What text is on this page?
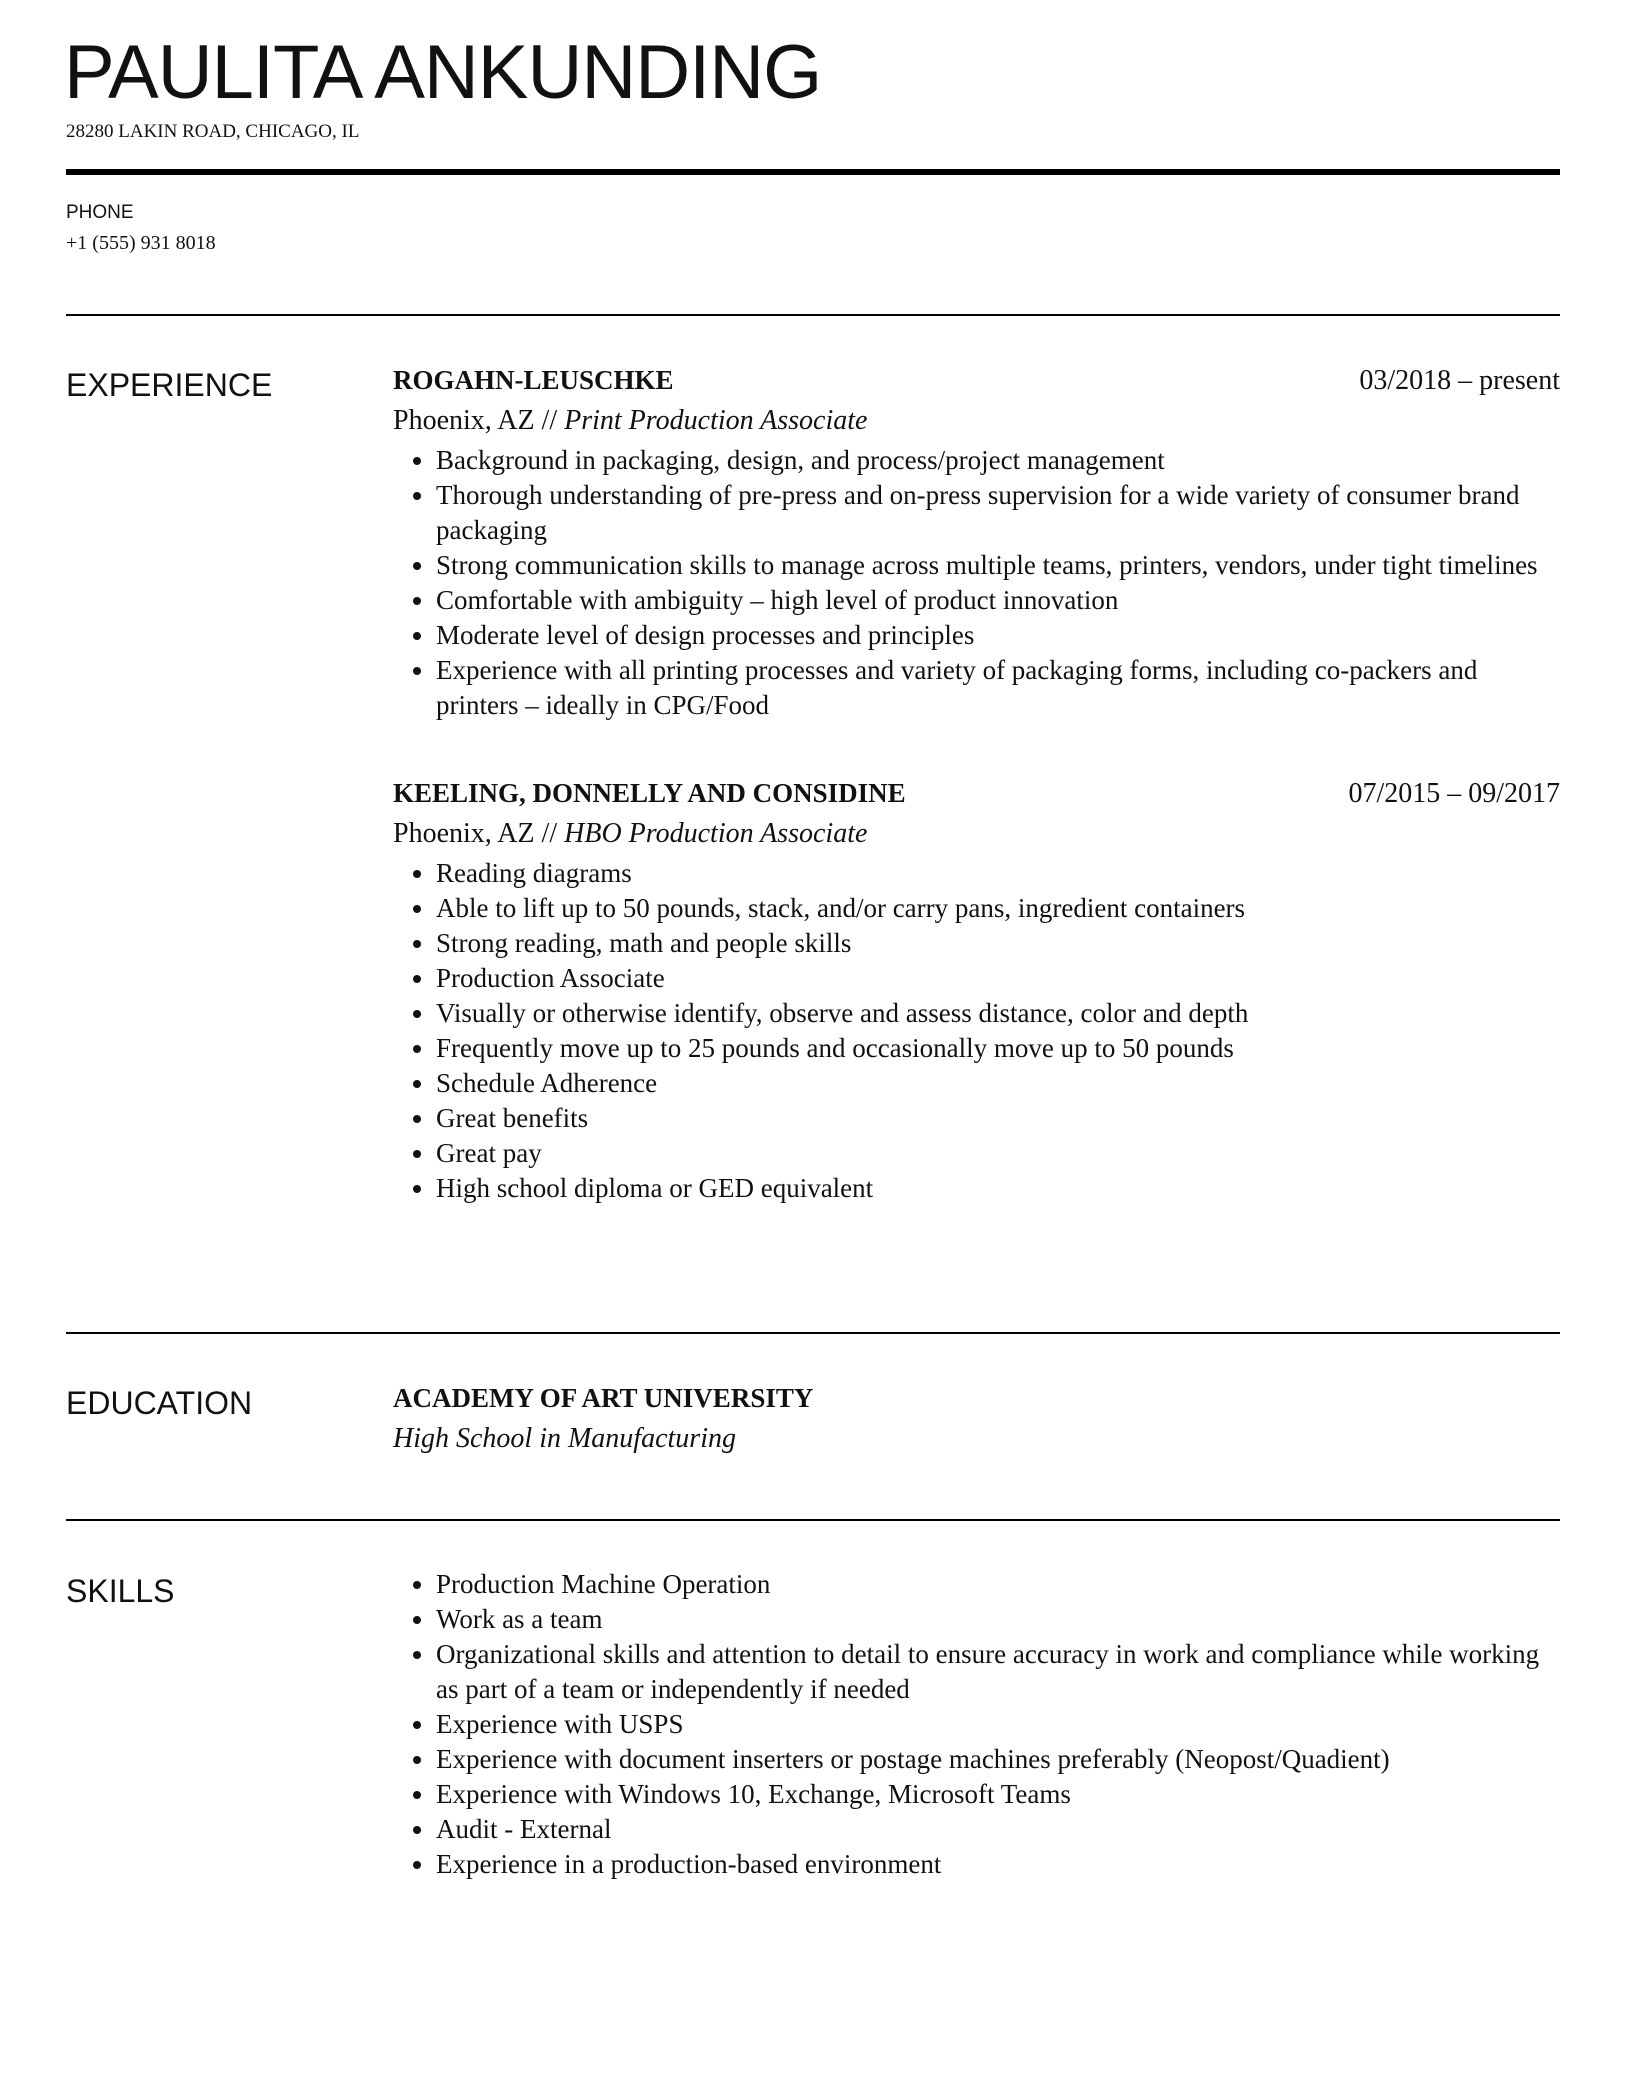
PAULITA ANKUNDING
28280 LAKIN ROAD, CHICAGO, IL
PHONE
+1 (555) 931 8018
EXPERIENCE	ROGAHN-LEUSCHKE	03/2018 – present
Phoenix, AZ // Print Production Associate
• Background in packaging, design, and process/project management
• Thorough understanding of pre-press and on-press supervision for a wide variety of consumer brand packaging
• Strong communication skills to manage across multiple teams, printers, vendors, under tight timelines
• Comfortable with ambiguity – high level of product innovation
• Moderate level of design processes and principles
• Experience with all printing processes and variety of packaging forms, including co-packers and printers – ideally in CPG/Food
KEELING, DONNELLY AND CONSIDINE	07/2015 – 09/2017
Phoenix, AZ // HBO Production Associate
• Reading diagrams
• Able to lift up to 50 pounds, stack, and/or carry pans, ingredient containers
• Strong reading, math and people skills
• Production Associate
• Visually or otherwise identify, observe and assess distance, color and depth
• Frequently move up to 25 pounds and occasionally move up to 50 pounds
• Schedule Adherence
• Great benefits
• Great pay
• High school diploma or GED equivalent
EDUCATION	ACADEMY OF ART UNIVERSITY
High School in Manufacturing
SKILLS	• Production Machine Operation
• Work as a team
• Organizational skills and attention to detail to ensure accuracy in work and compliance while working as part of a team or independently if needed
• Experience with USPS
• Experience with document inserters or postage machines preferably (Neopost/Quadient)
• Experience with Windows 10, Exchange, Microsoft Teams
• Audit - External
• Experience in a production-based environment
